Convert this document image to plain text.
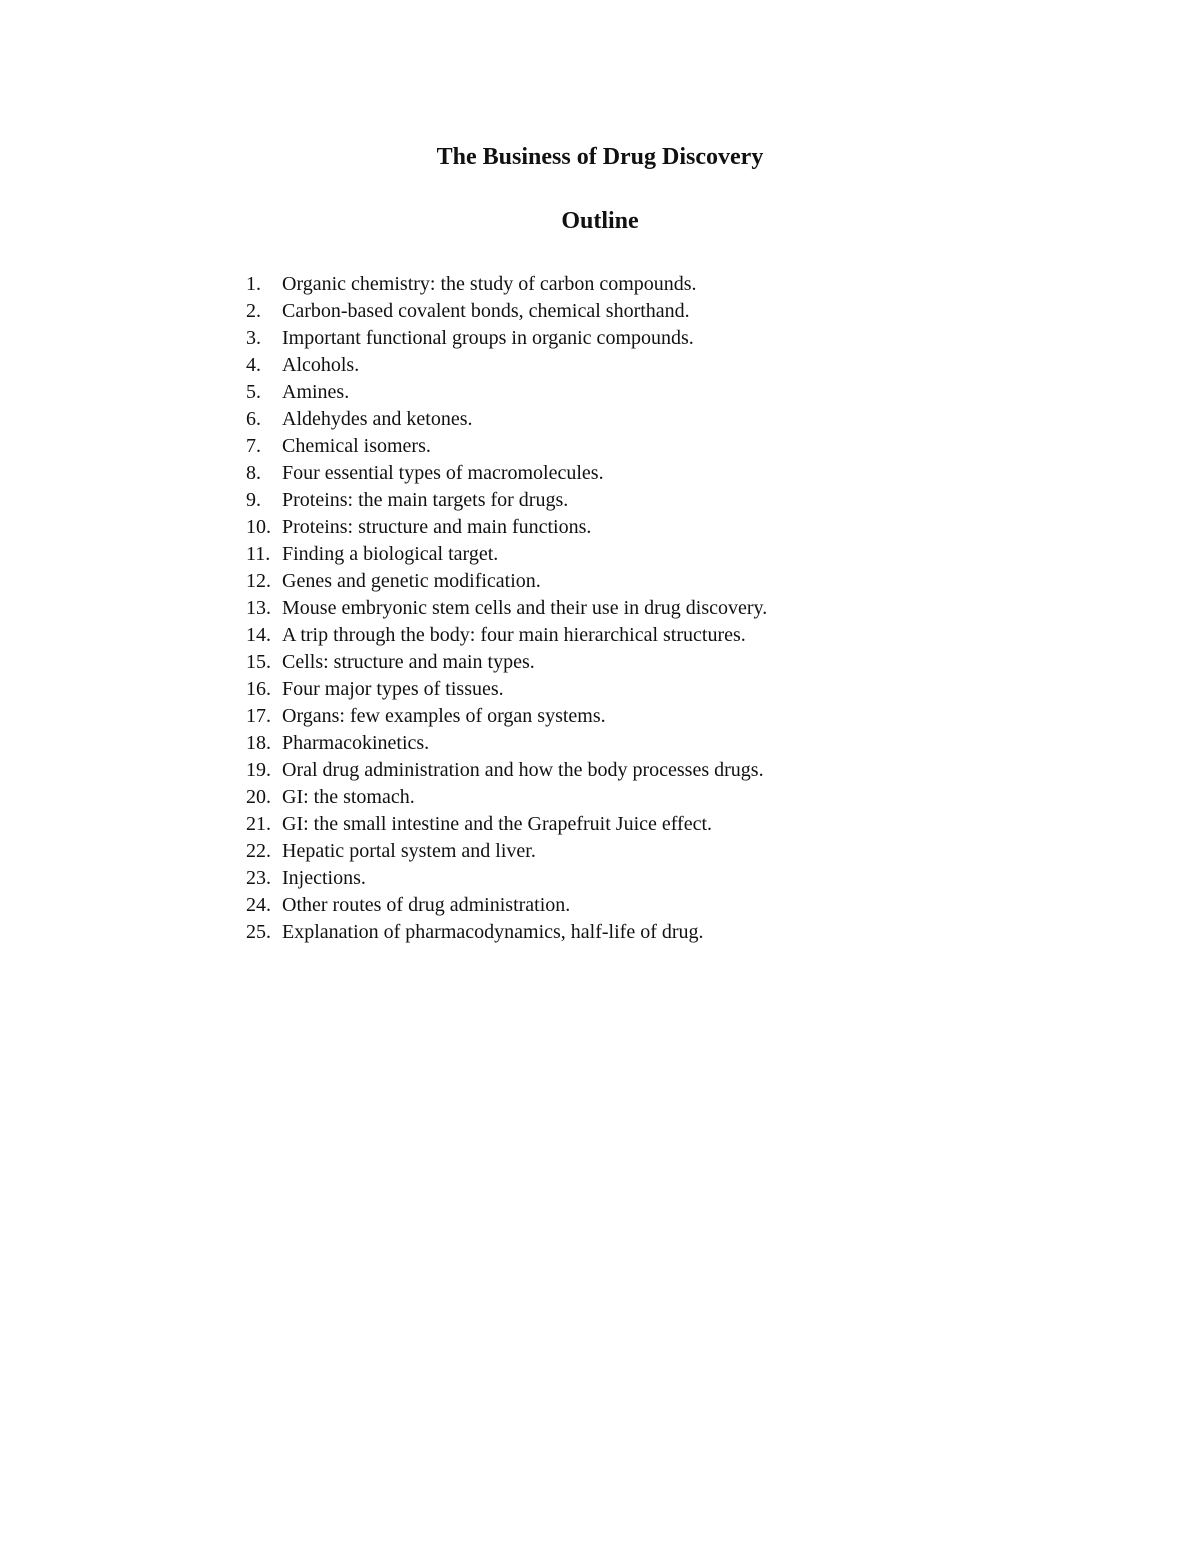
The Business of Drug Discovery
Outline
1.	Organic chemistry: the study of carbon compounds.
2.	Carbon-based covalent bonds, chemical shorthand.
3.	Important functional groups in organic compounds.
4.	Alcohols.
5.	Amines.
6.	Aldehydes and ketones.
7.	Chemical isomers.
8.	Four essential types of macromolecules.
9.	Proteins: the main targets for drugs.
10. Proteins: structure and main functions.
11. Finding a biological target.
12. Genes and genetic modification.
13. Mouse embryonic stem cells and their use in drug discovery.
14. A trip through the body: four main hierarchical structures.
15. Cells: structure and main types.
16. Four major types of tissues.
17. Organs: few examples of organ systems.
18. Pharmacokinetics.
19. Oral drug administration and how the body processes drugs.
20. GI: the stomach.
21. GI: the small intestine and the Grapefruit Juice effect.
22. Hepatic portal system and liver.
23. Injections.
24. Other routes of drug administration.
25. Explanation of pharmacodynamics, half-life of drug.
